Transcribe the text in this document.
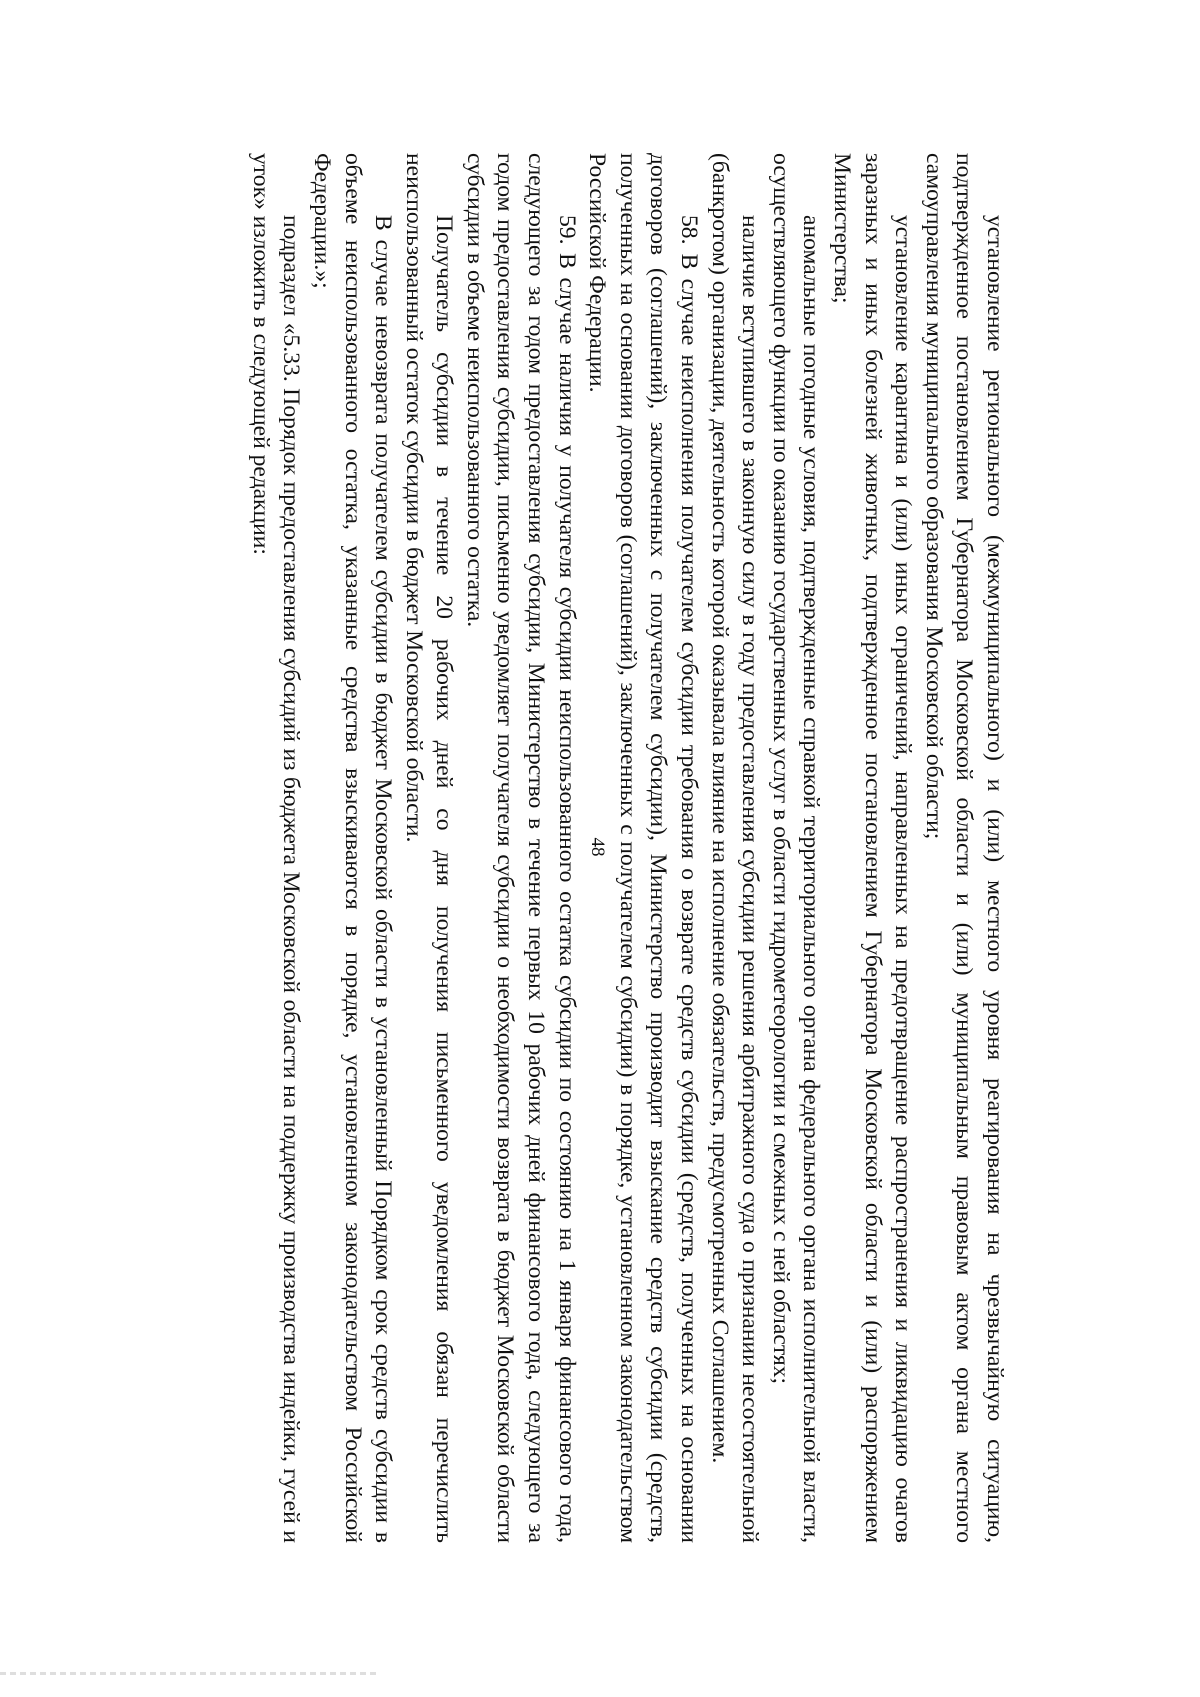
48	установление регионального (межмуниципального) и (или) местного уровня реагирования на чрезвычайную ситуацию, подтвержденное постановлением Губернатора Московской области и (или) муниципальным правовым актом органа местного самоуправления муниципального образования Московской области;

установление карантина и (или) иных ограничений, направленных на предотвращение распространения и ликвидацию очагов заразных и иных болезней животных, подтвержденное постановлением Губернатора Московской области и (или) распоряжением Министерства;

аномальные погодные условия, подтвержденные справкой территориального органа федерального органа исполнительной власти, осуществляющего функции по оказанию государственных услуг в области гидрометеорологии и смежных с ней областях;

наличие вступившего в законную силу в году предоставления субсидии решения арбитражного суда о признании несостоятельной (банкротом) организации, деятельность которой оказывала влияние на исполнение обязательств, предусмотренных Соглашением.

58. В случае неисполнения получателем субсидии требования о возврате средств субсидии (средств, полученных на основании договоров (соглашений), заключенных с получателем субсидии), Министерство производит взыскание средств субсидии (средств, полученных на основании договоров (соглашений), заключенных с получателем субсидии) в порядке, установленном законодательством Российской Федерации.

59. В случае наличия у получателя субсидии неиспользованного остатка субсидии по состоянию на 1 января финансового года, следующего за годом предоставления субсидии, Министерство в течение первых 10 рабочих дней финансового года, следующего за годом предоставления субсидии, письменно уведомляет получателя субсидии о необходимости возврата в бюджет Московской области субсидии в объеме неиспользованного остатка.

Получатель субсидии в течение 20 рабочих дней со дня получения письменного уведомления обязан перечислить неиспользованный остаток субсидии в бюджет Московской области.

В случае невозврата получателем субсидии в бюджет Московской области в установленный Порядком срок средств субсидии в объеме неиспользованного остатка, указанные средства взыскиваются в порядке, установленном законодательством Российской Федерации.»;

подраздел «5.33. Порядок предоставления субсидий из бюджета Московской области на поддержку производства индейки, гусей и уток» изложить в следующей редакции:
